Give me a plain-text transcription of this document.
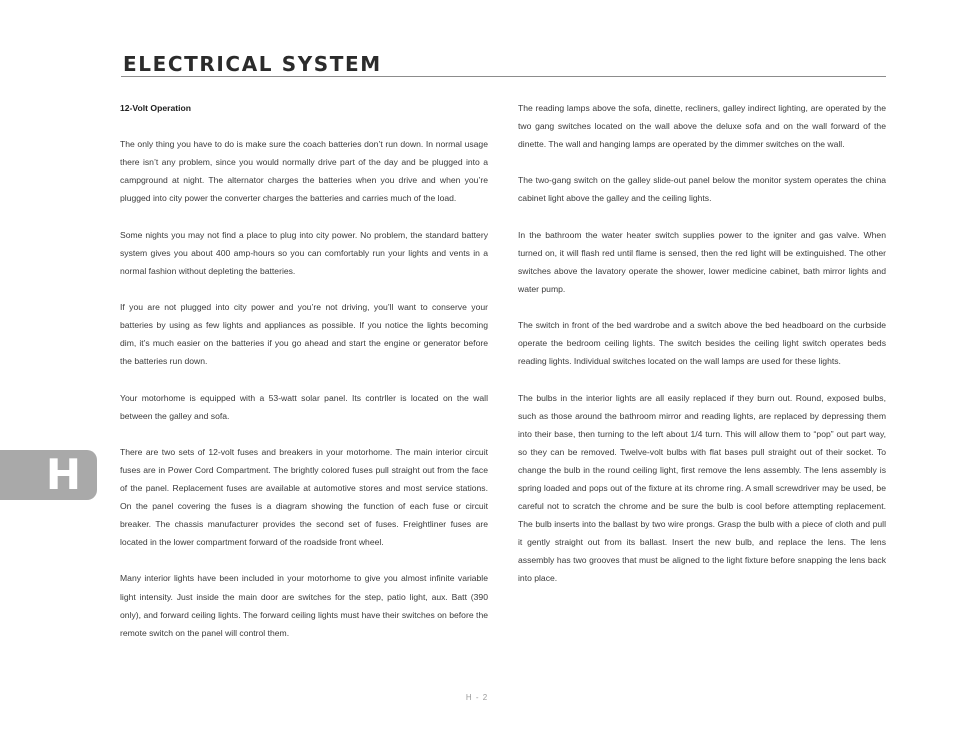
ELECTRICAL SYSTEM
12-Volt Operation

The only thing you have to do is make sure the coach batteries don’t run down. In normal usage there isn’t any problem, since you would normally drive part of the day and be plugged into a campground at night. The alternator charges the batteries when you drive and when you’re plugged into city power the converter charges the batteries and carries much of the load.

Some nights you may not find a place to plug into city power. No problem, the standard battery system gives you about 400 amp-hours so you can comfortably run your lights and vents in a normal fashion without depleting the batteries.

If you are not plugged into city power and you’re not driving, you’ll want to conserve your batteries by using as few lights and appliances as possible. If you notice the lights becoming dim, it’s much easier on the batteries if you go ahead and start the engine or generator before the batteries run down.

Your motorhome is equipped with a 53-watt solar panel. Its contrller is located on the wall between the galley and sofa.

There are two sets of 12-volt fuses and breakers in your motorhome. The main interior circuit fuses are in Power Cord Compartment. The brightly colored fuses pull straight out from the face of the panel. Replacement fuses are available at automotive stores and most service stations. On the panel covering the fuses is a diagram showing the function of each fuse or circuit breaker. The chassis manufacturer provides the second set of fuses. Freightliner fuses are located in the lower compartment forward of the roadside front wheel.

Many interior lights have been included in your motorhome to give you almost infinite variable light intensity. Just inside the main door are switches for the step, patio light, aux. Batt (390 only), and forward ceiling lights. The forward ceiling lights must have their switches on before the remote switch on the panel will control them.

The reading lamps above the sofa, dinette, recliners, galley indirect lighting, are operated by the two gang switches located on the wall above the deluxe sofa and on the wall forward of the dinette. The wall and hanging lamps are operated by the dimmer switches on the wall.

The two-gang switch on the galley slide-out panel below the monitor system operates the china cabinet light above the galley and the ceiling lights.

In the bathroom the water heater switch supplies power to the igniter and gas valve. When turned on, it will flash red until flame is sensed, then the red light will be extinguished. The other switches above the lavatory operate the shower, lower medicine cabinet, bath mirror lights and water pump.

The switch in front of the bed wardrobe and a switch above the bed headboard on the curbside operate the bedroom ceiling lights. The switch besides the ceiling light switch operates beds reading lights. Individual switches located on the wall lamps are used for these lights.

The bulbs in the interior lights are all easily replaced if they burn out. Round, exposed bulbs, such as those around the bathroom mirror and reading lights, are replaced by depressing them into their base, then turning to the left about 1/4 turn. This will allow them to “pop” out part way, so they can be removed. Twelve-volt bulbs with flat bases pull straight out of their socket. To change the bulb in the round ceiling light, first remove the lens assembly. The lens assembly is spring loaded and pops out of the fixture at its chrome ring. A small screwdriver may be used, be careful not to scratch the chrome and be sure the bulb is cool before attempting replacement. The bulb inserts into the ballast by two wire prongs. Grasp the bulb with a piece of cloth and pull it gently straight out from its ballast. Insert the new bulb, and replace the lens. The lens assembly has two grooves that must be aligned to the light fixture before snapping the lens back into place.

H
H - 2
